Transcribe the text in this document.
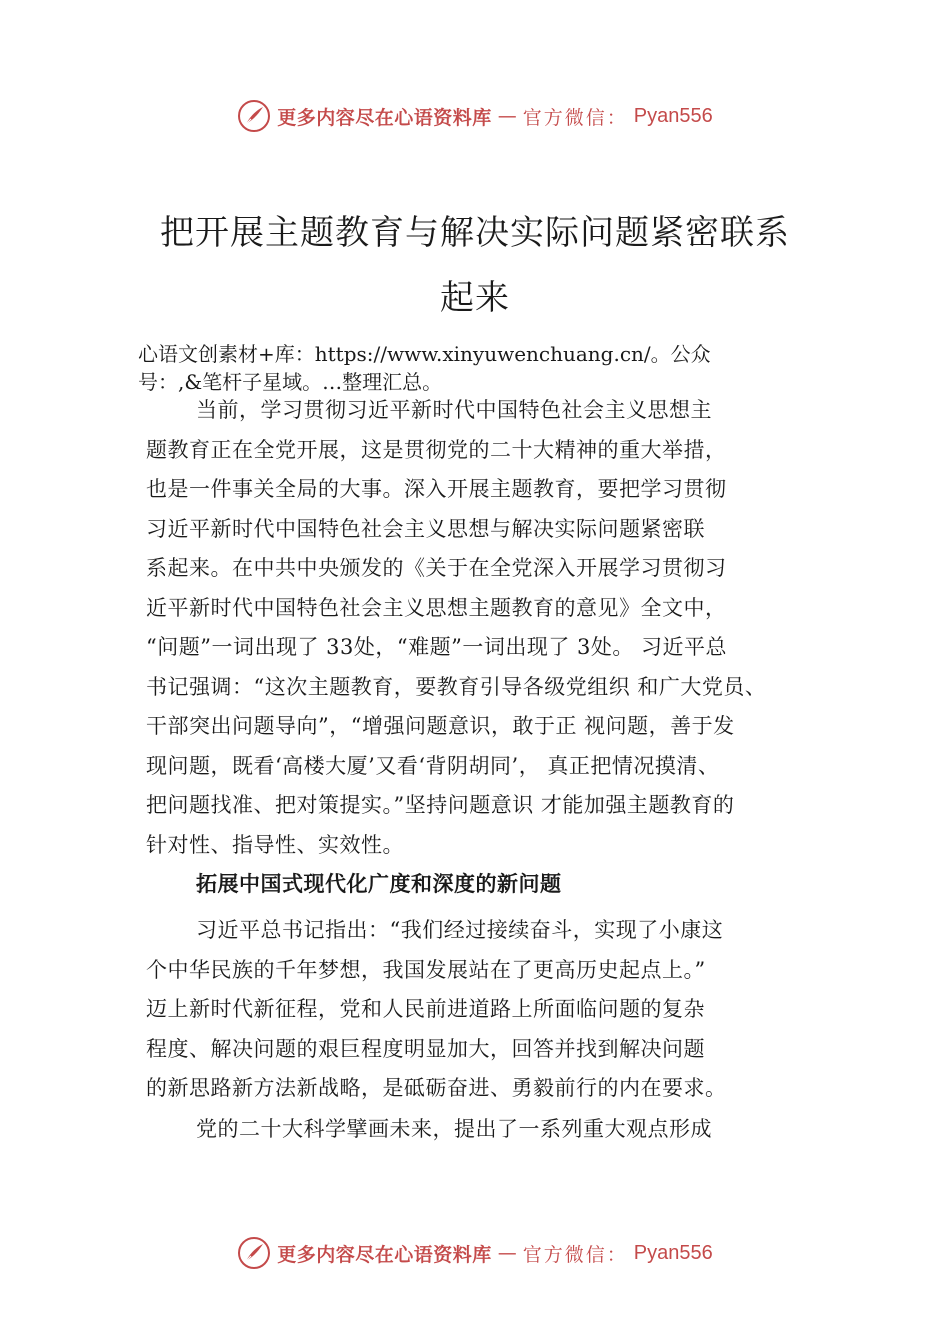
更多内容尽在心语资料库 — 官方微信： Pyan556
把开展主题教育与解决实际问题紧密联系
起来
心语文创素材+库：https://www.xinyuwenchuang.cn/。公众
号：,&笔杆子星域。…整理汇总。
当前，学习贯彻习近平新时代中国特色社会主义思想主
题教育正在全党开展，这是贯彻党的二十大精神的重大举措，
也是一件事关全局的大事。深入开展主题教育，要把学习贯彻
习近平新时代中国特色社会主义思想与解决实际问题紧密联
系起来。在中共中央颁发的《关于在全党深入开展学习贯彻习
近平新时代中国特色社会主义思想主题教育的意见》全文中，
“问题”一词出现了 33处，“难题”一词出现了 3处。 习近平总
书记强调：“这次主题教育，要教育引导各级党组织 和广大党员、
干部突出问题导向”，“增强问题意识，敢于正 视问题，善于发
现问题，既看‘高楼大厦’又看‘背阴胡同’， 真正把情况摸清、
把问题找准、把对策提实。”坚持问题意识 才能加强主题教育的
针对性、指导性、实效性。
拓展中国式现代化广度和深度的新问题
习近平总书记指出：“我们经过接续奋斗，实现了小康这
个中华民族的千年梦想，我国发展站在了更高历史起点上。”
迈上新时代新征程，党和人民前进道路上所面临问题的复杂
程度、解决问题的艰巨程度明显加大，回答并找到解决问题
的新思路新方法新战略，是砥砺奋进、勇毅前行的内在要求。
党的二十大科学擘画未来，提出了一系列重大观点形成
更多内容尽在心语资料库 — 官方微信： Pyan556
